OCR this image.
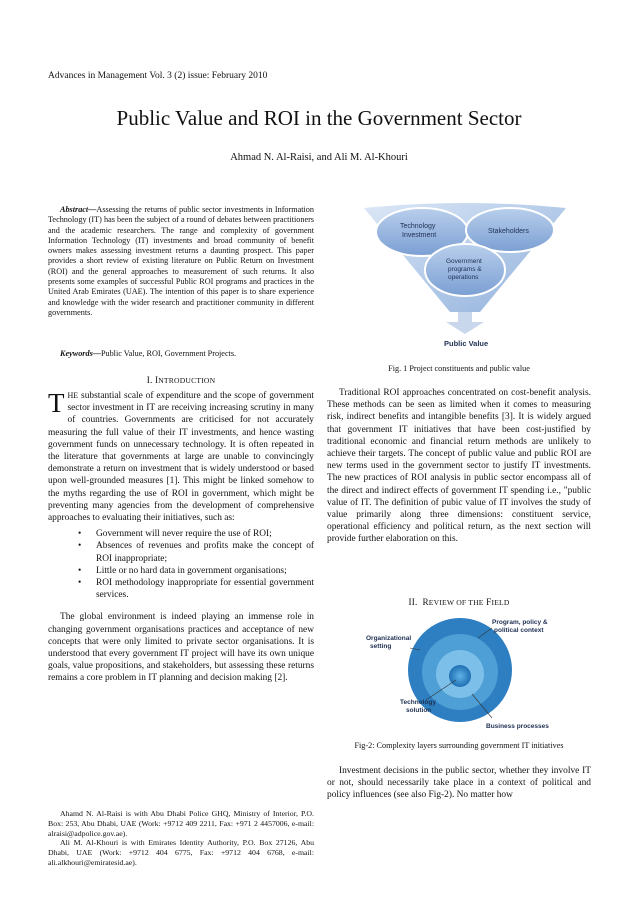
Advances in Management Vol. 3 (2) issue: February 2010
Public Value and ROI in the Government Sector
Ahmad N. Al-Raisi, and Ali M. Al-Khouri

Abstract—Assessing the returns of public sector investments in Information Technology (IT) has been the subject of a round of debates between practitioners and the academic researchers. The range and complexity of government Information Technology (IT) investments and broad community of benefit owners makes assessing investment returns a daunting prospect. This paper provides a short review of existing literature on Public Return on Investment (ROI) and the general approaches to measurement of such returns. It also presents some examples of successful Public ROI programs and practices in the United Arab Emirates (UAE). The intention of this paper is to share experience and knowledge with the wider research and practitioner community in different governments.

Keywords—Public Value, ROI, Government Projects.

I. INTRODUCTION

THE substantial scale of expenditure and the scope of government sector investment in IT are receiving increasing scrutiny in many of countries. Governments are criticised for not accurately measuring the full value of their IT investments, and hence wasting government funds on unnecessary technology. It is often repeated in the literature that governments at large are unable to convincingly demonstrate a return on investment that is widely understood or based upon well-grounded measures [1]. This might be linked somehow to the myths regarding the use of ROI in government, which might be preventing many agencies from the development of comprehensive approaches to evaluating their initiatives, such as:

• Government will never require the use of ROI;
• Absences of revenues and profits make the concept of ROI inappropriate;
• Little or no hard data in government organisations;
• ROI methodology inappropriate for essential government services.

The global environment is indeed playing an immense role in changing government organisations practices and acceptance of new concepts that were only limited to private sector organisations. It is understood that every government IT project will have its own unique goals, value propositions, and stakeholders, but assessing these returns remains a core problem in IT planning and decision making [2].

Ahamd N. Al-Raisi is with Abu Dhabi Police GHQ, Ministry of Interior, P.O. Box: 253, Abu Dhabi, UAE (Work: +9712 409 2211, Fax: +971 2 4457006, e-mail: alraisi@adpolice.gov.ae).

Ali M. Al-Khouri is with Emirates Identity Authority, P.O. Box 27126, Abu Dhabi, UAE (Work: +9712 404 6775, Fax: +9712 404 6768, e-mail: ali.alkhouri@emiratesid.ae).

Technology
Investment
Stakeholders
Government
programs &
operations
Public Value
Fig. 1 Project constituents and public value

Traditional ROI approaches concentrated on cost-benefit analysis. These methods can be seen as limited when it comes to measuring risk, indirect benefits and intangible benefits [3]. It is widely argued that government IT initiatives that have been cost-justified by traditional economic and financial return methods are unlikely to achieve their targets. The concept of public value and public ROI are new terms used in the government sector to justify IT investments. The new practices of ROI analysis in public sector encompass all of the direct and indirect effects of government IT spending i.e., "public value of IT. The definition of pubic value of IT involves the study of value primarily along three dimensions: constituent service, operational efficiency and political return, as the next section will provide further elaboration on this.

II. REVIEW OF THE FIELD
Program, policy &
political context
Organizational
setting
Technology
solution
Business processes
Fig-2: Complexity layers surrounding government IT initiatives

Investment decisions in the public sector, whether they involve IT or not, should necessarily take place in a context of political and policy influences (see also Fig-2). No matter how
